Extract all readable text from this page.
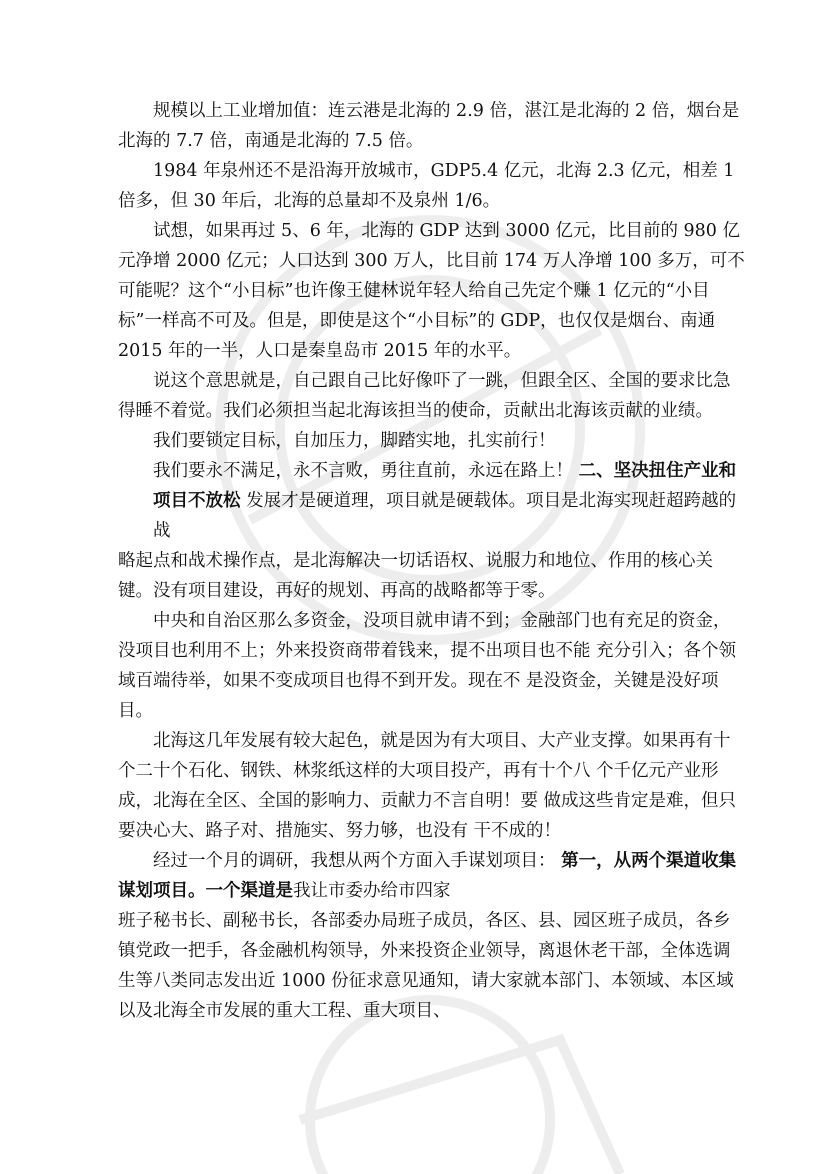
规模以上工业增加值：连云港是北海的 2.9 倍，湛江是北海的 2 倍，烟台是北海的 7.7 倍，南通是北海的 7.5 倍。

1984 年泉州还不是沿海开放城市，GDP5.4 亿元，北海 2.3 亿元，相差 1 倍多，但 30 年后，北海的总量却不及泉州 1/6。

试想，如果再过 5、6 年，北海的 GDP 达到 3000 亿元，比目前的 980 亿元净增 2000 亿元；人口达到 300 万人，比目前 174 万人净增 100 多万，可不可能呢？这个“小目标”也许像王健林说年轻人给自己先定个赚 1 亿元的“小目标”一样高不可及。但是，即使是这个“小目标”的 GDP，也仅仅是烟台、南通 2015 年的一半，人口是秦皇岛市 2015 年的水平。

说这个意思就是，自己跟自己比好像吓了一跳，但跟全区、全国的要求比急得睡不着觉。我们必须担当起北海该担当的使命，贡献出北海该贡献的业绩。

我们要锁定目标，自加压力，脚踏实地，扎实前行！

我们要永不满足，永不言败，勇往直前，永远在路上！ 二、坚决扭住产业和项目不放松 发展才是硬道理，项目就是硬载体。项目是北海实现赶超跨越的战

略起点和战术操作点，是北海解决一切话语权、说服力和地位、作用的核心关键。没有项目建设，再好的规划、再高的战略都等于零。

中央和自治区那么多资金，没项目就申请不到；金融部门也有充足的资金，没项目也利用不上；外来投资商带着钱来，提不出项目也不能 充分引入；各个领域百端待举，如果不变成项目也得不到开发。现在不 是没资金，关键是没好项目。

北海这几年发展有较大起色，就是因为有大项目、大产业支撑。如果再有十个二十个石化、钢铁、林浆纸这样的大项目投产，再有十个八 个千亿元产业形成，北海在全区、全国的影响力、贡献力不言自明！要 做成这些肯定是难，但只要决心大、路子对、措施实、努力够，也没有 干不成的！

经过一个月的调研，我想从两个方面入手谋划项目： 第一，从两个渠道收集谋划项目。一个渠道是我让市委办给市四家

班子秘书长、副秘书长，各部委办局班子成员，各区、县、园区班子成员，各乡镇党政一把手，各金融机构领导，外来投资企业领导，离退休老干部，全体选调生等八类同志发出近 1000 份征求意见通知，请大家就本部门、本领域、本区域以及北海全市发展的重大工程、重大项目、
